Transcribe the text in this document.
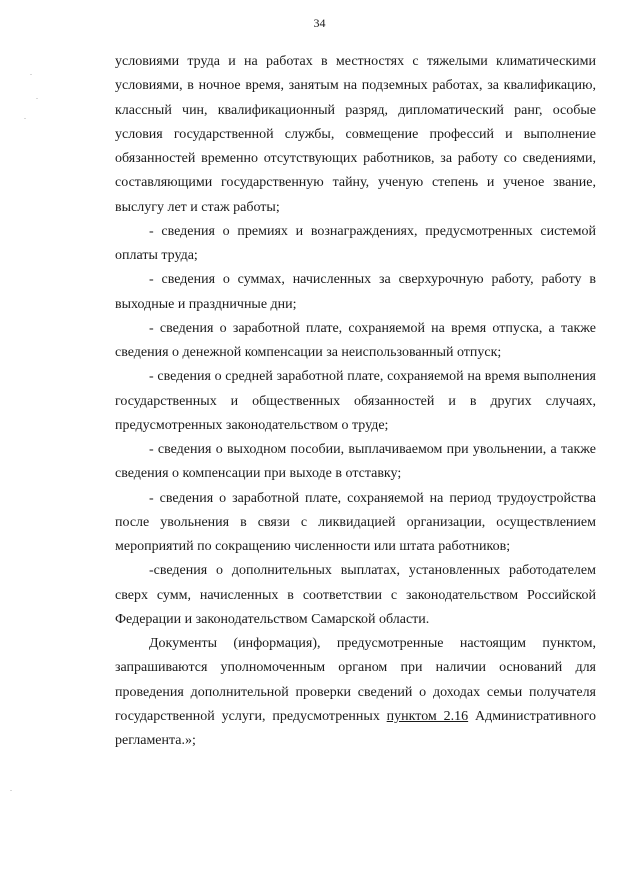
34

условиями труда и на работах в местностях с тяжелыми климатическими условиями, в ночное время, занятым на подземных работах, за квалификацию, классный чин, квалификационный разряд, дипломатический ранг, особые условия государственной службы, совмещение профессий и выполнение обязанностей временно отсутствующих работников, за работу со сведениями, составляющими государственную тайну, ученую степень и ученое звание, выслугу лет и стаж работы;

- сведения о премиях и вознаграждениях, предусмотренных системой оплаты труда;

- сведения о суммах, начисленных за сверхурочную работу, работу в выходные и праздничные дни;

- сведения о заработной плате, сохраняемой на время отпуска, а также сведения о денежной компенсации за неиспользованный отпуск;

- сведения о средней заработной плате, сохраняемой на время выполнения государственных и общественных обязанностей и в других случаях, предусмотренных законодательством о труде;

- сведения о выходном пособии, выплачиваемом при увольнении, а также сведения о компенсации при выходе в отставку;

- сведения о заработной плате, сохраняемой на период трудоустройства после увольнения в связи с ликвидацией организации, осуществлением мероприятий по сокращению численности или штата работников;

-сведения о дополнительных выплатах, установленных работодателем сверх сумм, начисленных в соответствии с законодательством Российской Федерации и законодательством Самарской области.

Документы (информация), предусмотренные настоящим пунктом, запрашиваются уполномоченным органом при наличии оснований для проведения дополнительной проверки сведений о доходах семьи получателя государственной услуги, предусмотренных пунктом 2.16 Административного регламента.»;
